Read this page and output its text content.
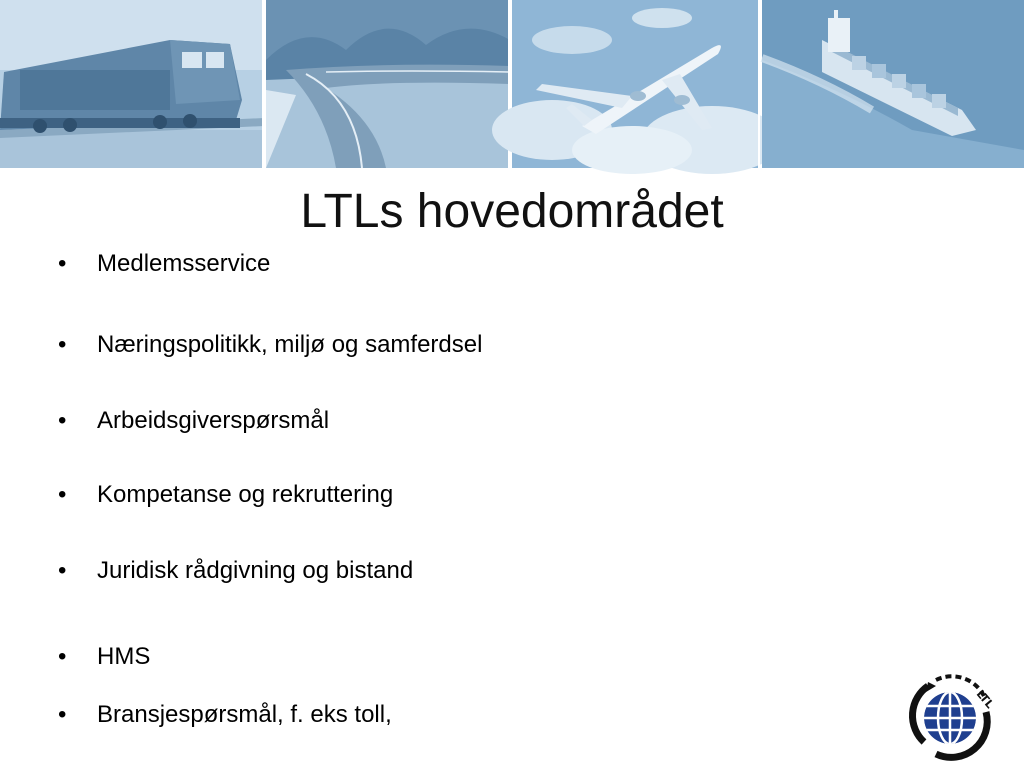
LTLs hovedområdet
• Medlemsservice
• Næringspolitikk, miljø og samferdsel
• Arbeidsgiverspørsmål
• Kompetanse og rekruttering
• Juridisk rådgivning og bistand
• HMS
• Bransjespørsmål, f. eks toll,
LTL
